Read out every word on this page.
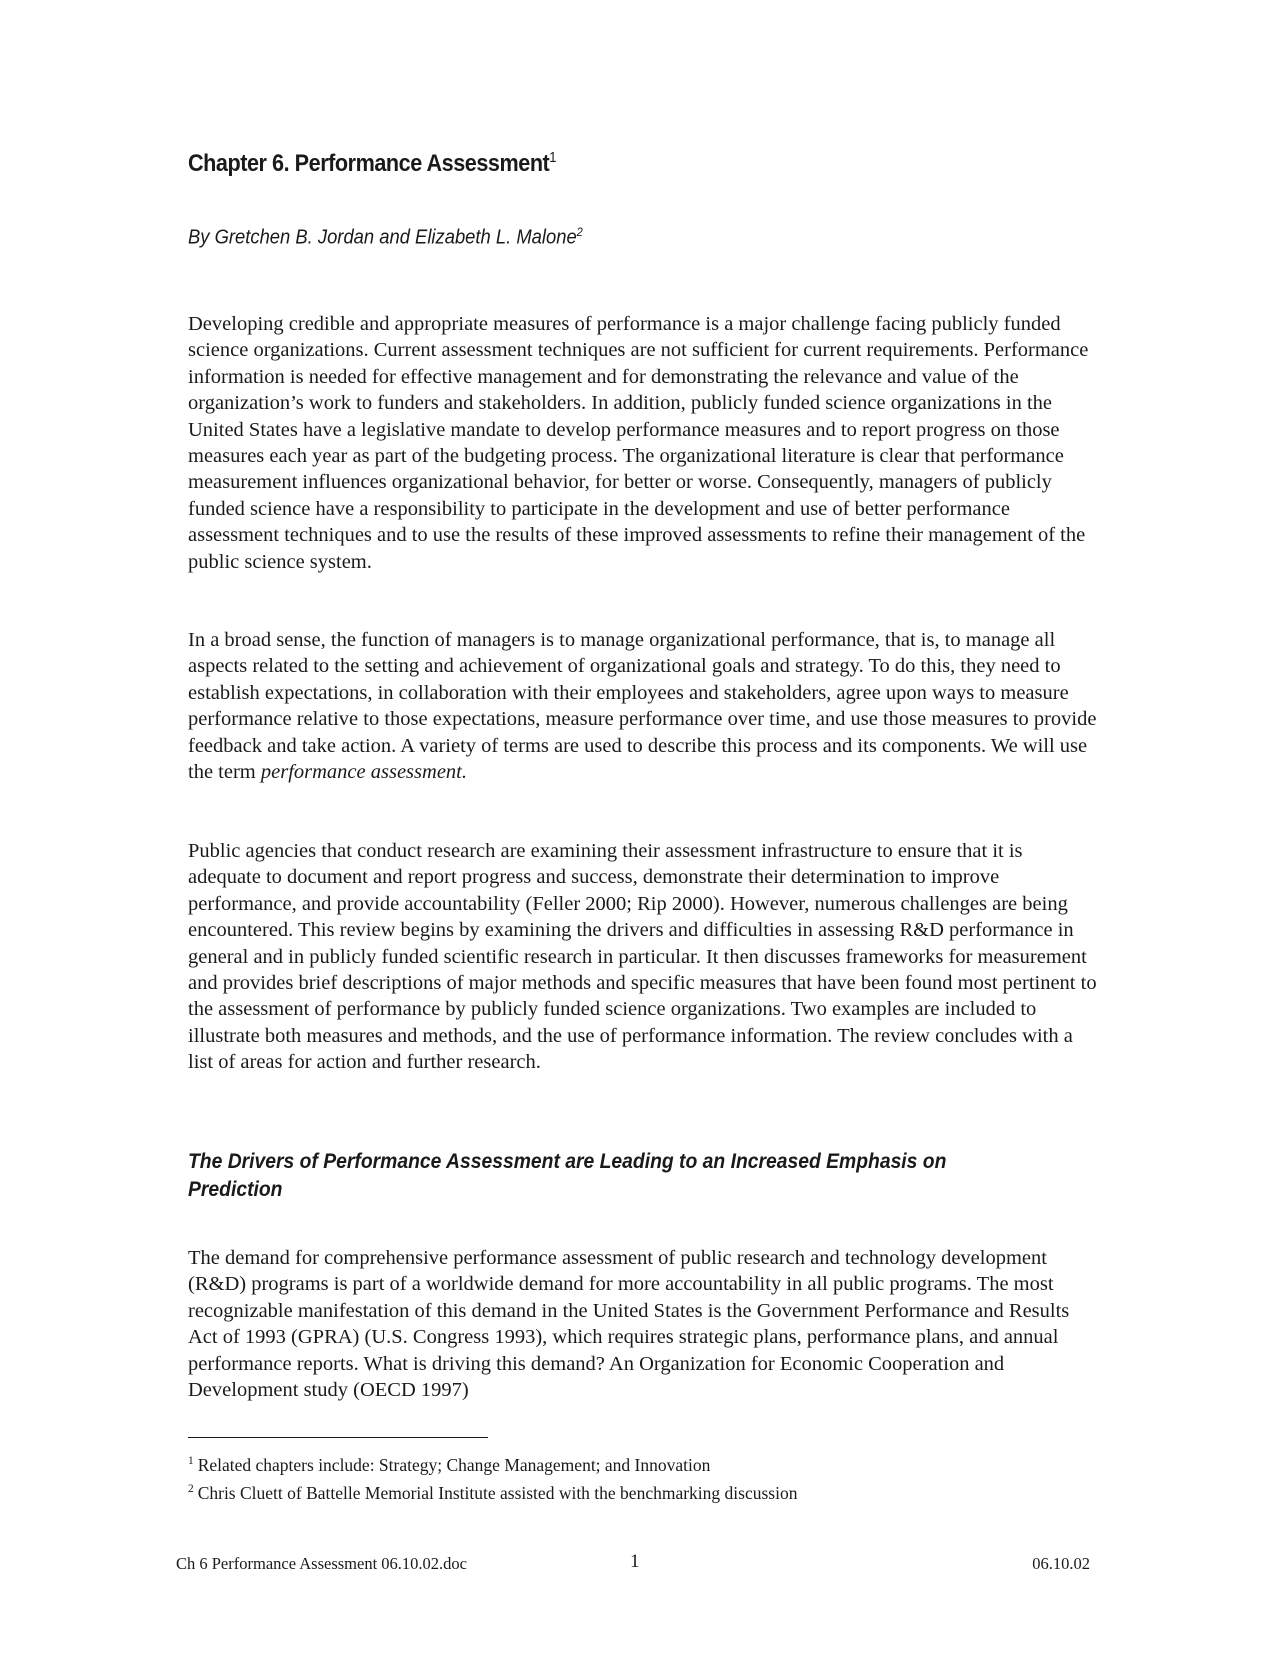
Chapter 6. Performance Assessment$^1$

By Gretchen B. Jordan and Elizabeth L. Malone$^2$

Developing credible and appropriate measures of performance is a major challenge facing publicly funded science organizations. Current assessment techniques are not sufficient for current requirements. Performance information is needed for effective management and for demonstrating the relevance and value of the organization’s work to funders and stakeholders. In addition, publicly funded science organizations in the United States have a legislative mandate to develop performance measures and to report progress on those measures each year as part of the budgeting process. The organizational literature is clear that performance measurement influences organizational behavior, for better or worse. Consequently, managers of publicly funded science have a responsibility to participate in the development and use of better performance assessment techniques and to use the results of these improved assessments to refine their management of the public science system.

In a broad sense, the function of managers is to manage organizational performance, that is, to manage all aspects related to the setting and achievement of organizational goals and strategy. To do this, they need to establish expectations, in collaboration with their employees and stakeholders, agree upon ways to measure performance relative to those expectations, measure performance over time, and use those measures to provide feedback and take action. A variety of terms are used to describe this process and its components. We will use the term performance assessment.

Public agencies that conduct research are examining their assessment infrastructure to ensure that it is adequate to document and report progress and success, demonstrate their determination to improve performance, and provide accountability (Feller 2000; Rip 2000). However, numerous challenges are being encountered. This review begins by examining the drivers and difficulties in assessing R&D performance in general and in publicly funded scientific research in particular. It then discusses frameworks for measurement and provides brief descriptions of major methods and specific measures that have been found most pertinent to the assessment of performance by publicly funded science organizations. Two examples are included to illustrate both measures and methods, and the use of performance information. The review concludes with a list of areas for action and further research.

The Drivers of Performance Assessment are Leading to an Increased Emphasis on Prediction

The demand for comprehensive performance assessment of public research and technology development (R&D) programs is part of a worldwide demand for more accountability in all public programs. The most recognizable manifestation of this demand in the United States is the Government Performance and Results Act of 1993 (GPRA) (U.S. Congress 1993), which requires strategic plans, performance plans, and annual performance reports. What is driving this demand? An Organization for Economic Cooperation and Development study (OECD 1997)

$^1$ Related chapters include: Strategy; Change Management; and Innovation
$^2$ Chris Cluett of Battelle Memorial Institute assisted with the benchmarking discussion

Ch 6 Performance Assessment 06.10.02.doc	1	06.10.02
